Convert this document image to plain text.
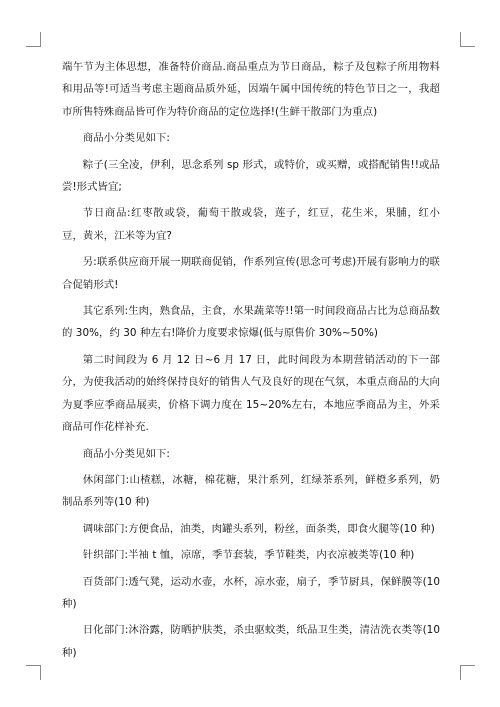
端午节为主体思想，准备特价商品.商品重点为节日商品，粽子及包粽子所用物料和用品等!可适当考虑主题商品质外延，因端午属中国传统的特色节日之一，我超市所售特殊商品皆可作为特价商品的定位选择!(生鲜干散部门为重点)

商品小分类见如下:

粽子(三全凌，伊利，思念系列 sp 形式，或特价，或买赠，或搭配销售!!或品尝!形式皆宜;

节日商品:红枣散或袋，葡萄干散或袋，莲子，红豆，花生米，果脯，红小豆，黄米，江米等为宜?

另:联系供应商开展一期联商促销，作系列宣传(思念可考虑)开展有影响力的联合促销形式!

其它系列:生肉，熟食品，主食，水果蔬菜等!!第一时间段商品占比为总商品数的 30%，约 30 种左右!降价力度要求惊爆(低与原售价 30%~50%)

第二时间段为 6 月 12 日~6 月 17 日，此时间段为本期营销活动的下一部分，为使我活动的始终保持良好的销售人气及良好的现在气氛，本重点商品的大向为夏季应季商品展卖，价格下调力度在 15~20%左右，本地应季商品为主，外采商品可作花样补充.

商品小分类见如下:

休闲部门:山楂糕，冰糖，棉花糖，果汁系列，红绿茶系列，鲜橙多系列，奶制品系列等(10 种)

调味部门:方便食品，油类，肉罐头系列，粉丝，面条类，即食火腿等(10 种)

针织部门:半袖 t 恤，凉席，季节套装，季节鞋类，内衣凉被类等(10 种)

百货部门:透气凳，运动水壶，水杯，凉水壶，扇子，季节厨具，保鲜膜等(10 种)

日化部门:沐浴露，防晒护肤类，杀虫驱蚊类，纸品卫生类，清洁洗衣类等(10 种)
